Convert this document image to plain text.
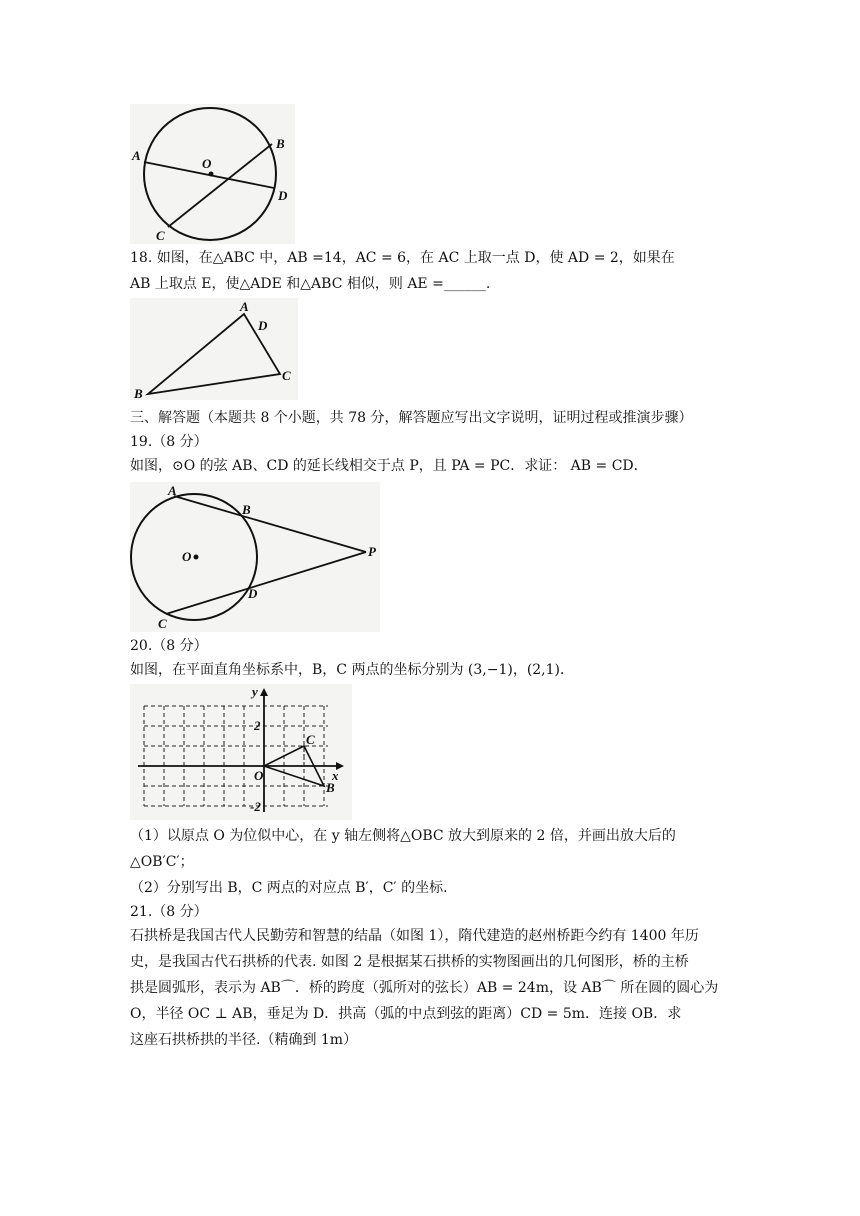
A
B
O
D
C
18. 如图，在△ABC 中，AB =14，AC = 6，在 AC 上取一点 D，使 AD = 2，如果在
AB 上取点 E，使△ADE 和△ABC 相似，则 AE =______.
A
D
C
B
三、解答题（本题共 8 个小题，共 78 分，解答题应写出文字说明，证明过程或推演步骤）
19.（8 分）
如图，⊙O 的弦 AB、CD 的延长线相交于点 P，且 PA = PC．求证： AB = CD．
A
B
O	P
D
C
20.（8 分）
如图，在平面直角坐标系中，B，C 两点的坐标分别为 (3,−1)，(2,1)．
y
x
O
C
B
2
-2
（1）以原点 O 为位似中心，在 y 轴左侧将△OBC 放大到原来的 2 倍，并画出放大后的
△OB′C′；
（2）分别写出 B，C 两点的对应点 B′，C′ 的坐标.
21.（8 分）
石拱桥是我国古代人民勤劳和智慧的结晶（如图 1），隋代建造的赵州桥距今约有 1400 年历
史，是我国古代石拱桥的代表. 如图 2 是根据某石拱桥的实物图画出的几何图形，桥的主桥
拱是圆弧形，表示为 AB⌒．桥的跨度（弧所对的弦长）AB = 24m，设 AB⌒ 所在圆的圆心为
O，半径 OC ⊥ AB，垂足为 D．拱高（弧的中点到弦的距离）CD = 5m．连接 OB．求
这座石拱桥拱的半径.（精确到 1m）
